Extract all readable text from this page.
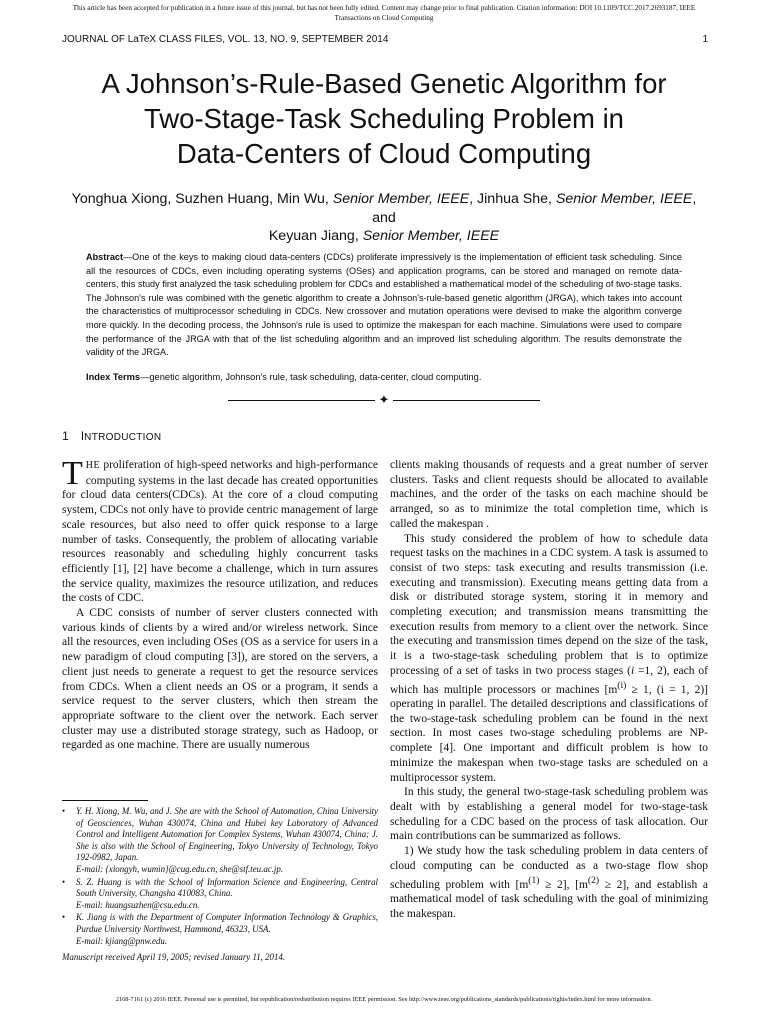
This article has been accepted for publication in a future issue of this journal, but has not been fully edited. Content may change prior to final publication. Citation information: DOI 10.1109/TCC.2017.2693187, IEEE
Transactions on Cloud Computing
JOURNAL OF LaTeX CLASS FILES, VOL. 13, NO. 9, SEPTEMBER 2014	1
A Johnson’s-Rule-Based Genetic Algorithm for
Two-Stage-Task Scheduling Problem in
Data-Centers of Cloud Computing
Yonghua Xiong, Suzhen Huang, Min Wu, Senior Member, IEEE, Jinhua She, Senior Member, IEEE, and
Keyuan Jiang, Senior Member, IEEE
Abstract—One of the keys to making cloud data-centers (CDCs) proliferate impressively is the implementation of efficient task scheduling. Since all the resources of CDCs, even including operating systems (OSes) and application programs, can be stored and managed on remote data-centers, this study first analyzed the task scheduling problem for CDCs and established a mathematical model of the scheduling of two-stage tasks. The Johnson's rule was combined with the genetic algorithm to create a Johnson's-rule-based genetic algorithm (JRGA), which takes into account the characteristics of multiprocessor scheduling in CDCs. New crossover and mutation operations were devised to make the algorithm converge more quickly. In the decoding process, the Johnson's rule is used to optimize the makespan for each machine. Simulations were used to compare the performance of the JRGA with that of the list scheduling algorithm and an improved list scheduling algorithm. The results demonstrate the validity of the JRGA.
Index Terms—genetic algorithm, Johnson's rule, task scheduling, data-center, cloud computing.
✦
1 INTRODUCTION

THE proliferation of high-speed networks and high-performance computing systems in the last decade has created opportunities for cloud data centers(CDCs). At the core of a cloud computing system, CDCs not only have to provide centric management of large scale resources, but also need to offer quick response to a large number of tasks. Consequently, the problem of allocating variable resources reasonably and scheduling highly concurrent tasks efficiently [1], [2] have become a challenge, which in turn assures the service quality, maximizes the resource utilization, and reduces the costs of CDC.

A CDC consists of number of server clusters connected with various kinds of clients by a wired and/or wireless network. Since all the resources, even including OSes (OS as a service for users in a new paradigm of cloud computing [3]), are stored on the servers, a client just needs to generate a request to get the resource services from CDCs. When a client needs an OS or a program, it sends a service request to the server clusters, which then stream the appropriate software to the client over the network. Each server cluster may use a distributed storage strategy, such as Hadoop, or regarded as one machine. There are usually numerous

• Y. H. Xiong, M. Wu, and J. She are with the School of Automation, China University of Geosciences, Wuhan 430074, China and Hubei key Laboratory of Advanced Control and Intelligent Automation for Complex Systems, Wuhan 430074, China; J. She is also with the School of Engineering, Tokyo University of Technology, Tokyo 192-0982, Japan.
E-mail: {xiongyh, wumin}@cug.edu.cn, she@stf.teu.ac.jp.
• S. Z. Huang is with the School of Information Science and Engineering, Central South University, Changsha 410083, China.
E-mail: huangsuzhen@csu.edu.cn.
• K. Jiang is with the Department of Computer Information Technology & Graphics, Purdue University Northwest, Hammond, 46323, USA.
E-mail: kjiang@pnw.edu.
Manuscript received April 19, 2005; revised January 11, 2014.

clients making thousands of requests and a great number of server clusters. Tasks and client requests should be allocated to available machines, and the order of the tasks on each machine should be arranged, so as to minimize the total completion time, which is called the makespan .

This study considered the problem of how to schedule data request tasks on the machines in a CDC system. A task is assumed to consist of two steps: task executing and results transmission (i.e. executing and transmission). Executing means getting data from a disk or distributed storage system, storing it in memory and completing execution; and transmission means transmitting the execution results from memory to a client over the network. Since the executing and transmission times depend on the size of the task, it is a two-stage-task scheduling problem that is to optimize processing of a set of tasks in two process stages (i =1, 2), each of which has multiple processors or machines [$m^{(i)} \ge 1$, (i = 1, 2)] operating in parallel. The detailed descriptions and classifications of the two-stage-task scheduling problem can be found in the next section. In most cases two-stage scheduling problems are NP-complete [4]. One important and difficult problem is how to minimize the makespan when two-stage tasks are scheduled on a multiprocessor system.

In this study, the general two-stage-task scheduling problem was dealt with by establishing a general model for two-stage-task scheduling for a CDC based on the process of task allocation. Our main contributions can be summarized as follows.

1) We study how the task scheduling problem in data centers of cloud computing can be conducted as a two-stage flow shop scheduling problem with $[m^{(1)} \ge 2]$, $[m^{(2)} \ge 2]$, and establish a mathematical model of task scheduling with the goal of minimizing the makespan.

2168-7161 (c) 2016 IEEE. Personal use is permitted, but republication/redistribution requires IEEE permission. See http://www.ieee.org/publications_standards/publications/rights/index.html for more information.
